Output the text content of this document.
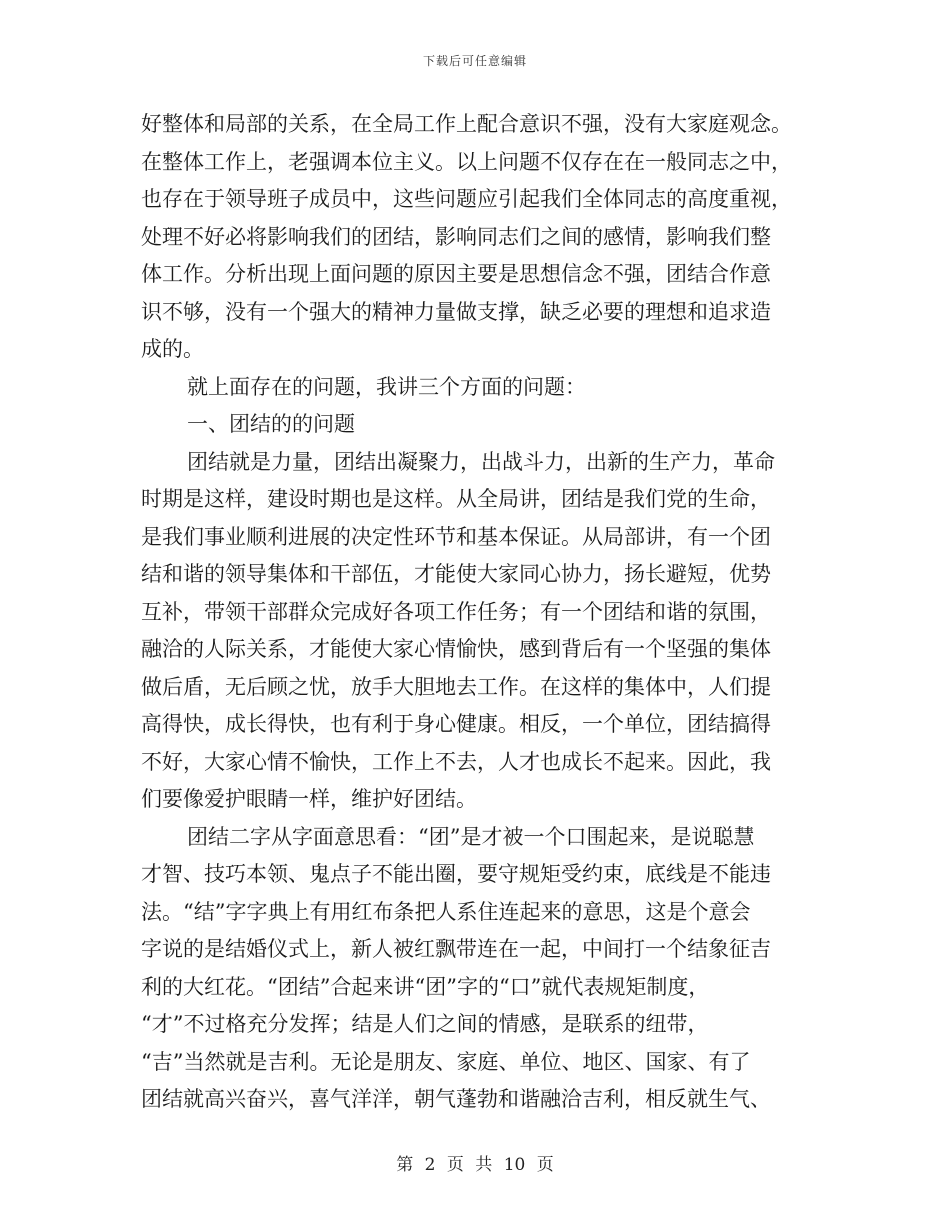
下载后可任意编辑
好整体和局部的关系，在全局工作上配合意识不强，没有大家庭观念。
在整体工作上，老强调本位主义。以上问题不仅存在在一般同志之中，
也存在于领导班子成员中，这些问题应引起我们全体同志的高度重视，
处理不好必将影响我们的团结，影响同志们之间的感情，影响我们整
体工作。分析出现上面问题的原因主要是思想信念不强，团结合作意
识不够，没有一个强大的精神力量做支撑，缺乏必要的理想和追求造
成的。
就上面存在的问题，我讲三个方面的问题：
一、团结的的问题
团结就是力量，团结出凝聚力，出战斗力，出新的生产力，革命
时期是这样，建设时期也是这样。从全局讲，团结是我们党的生命，
是我们事业顺利进展的决定性环节和基本保证。从局部讲，有一个团
结和谐的领导集体和干部伍，才能使大家同心协力，扬长避短，优势
互补，带领干部群众完成好各项工作任务；有一个团结和谐的氛围，
融洽的人际关系，才能使大家心情愉快，感到背后有一个坚强的集体
做后盾，无后顾之忧，放手大胆地去工作。在这样的集体中，人们提
高得快，成长得快，也有利于身心健康。相反，一个单位，团结搞得
不好，大家心情不愉快，工作上不去，人才也成长不起来。因此，我
们要像爱护眼睛一样，维护好团结。
团结二字从字面意思看：“团”是才被一个口围起来，是说聪慧
才智、技巧本领、鬼点子不能出圈，要守规矩受约束，底线是不能违
法。“结”字字典上有用红布条把人系住连起来的意思，这是个意会
字说的是结婚仪式上，新人被红飘带连在一起，中间打一个结象征吉
利的大红花。“团结”合起来讲“团”字的“口”就代表规矩制度，
“才”不过格充分发挥；结是人们之间的情感，是联系的纽带，
“吉”当然就是吉利。无论是朋友、家庭、单位、地区、国家、有了
团结就高兴奋兴，喜气洋洋，朝气蓬勃和谐融洽吉利，相反就生气、
第 2 页 共 10 页
